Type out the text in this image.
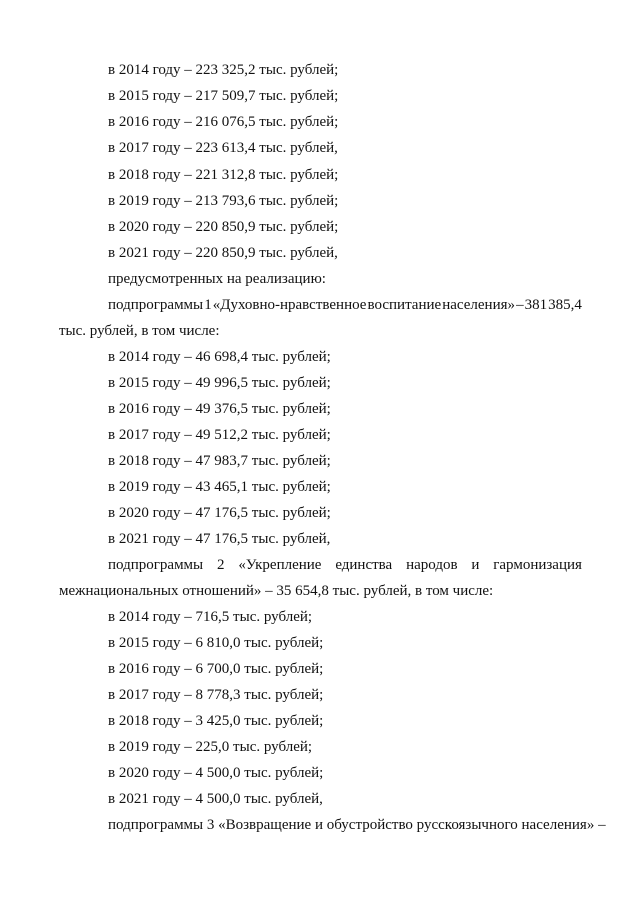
в 2014 году – 223 325,2 тыс. рублей;
в 2015 году – 217 509,7 тыс. рублей;
в 2016 году – 216 076,5 тыс. рублей;
в 2017 году – 223 613,4 тыс. рублей,
в 2018 году – 221 312,8 тыс. рублей;
в 2019 году – 213 793,6 тыс. рублей;
в 2020 году – 220 850,9 тыс. рублей;
в 2021 году – 220 850,9 тыс. рублей,
предусмотренных на реализацию:
подпрограммы 1 «Духовно-нравственное воспитание населения» – 381 385,4
тыс. рублей, в том числе:
в 2014 году – 46 698,4 тыс. рублей;
в 2015 году – 49 996,5 тыс. рублей;
в 2016 году – 49 376,5 тыс. рублей;
в 2017 году – 49 512,2 тыс. рублей;
в 2018 году – 47 983,7 тыс. рублей;
в 2019 году – 43 465,1 тыс. рублей;
в 2020 году – 47 176,5 тыс. рублей;
в 2021 году – 47 176,5 тыс. рублей,
подпрограммы 2 «Укрепление единства народов и гармонизация
межнациональных отношений» – 35 654,8 тыс. рублей, в том числе:
в 2014 году – 716,5 тыс. рублей;
в 2015 году – 6 810,0 тыс. рублей;
в 2016 году – 6 700,0 тыс. рублей;
в 2017 году – 8 778,3 тыс. рублей;
в 2018 году – 3 425,0 тыс. рублей;
в 2019 году – 225,0 тыс. рублей;
в 2020 году – 4 500,0 тыс. рублей;
в 2021 году – 4 500,0 тыс. рублей,
подпрограммы 3 «Возвращение и обустройство русскоязычного населения» –
